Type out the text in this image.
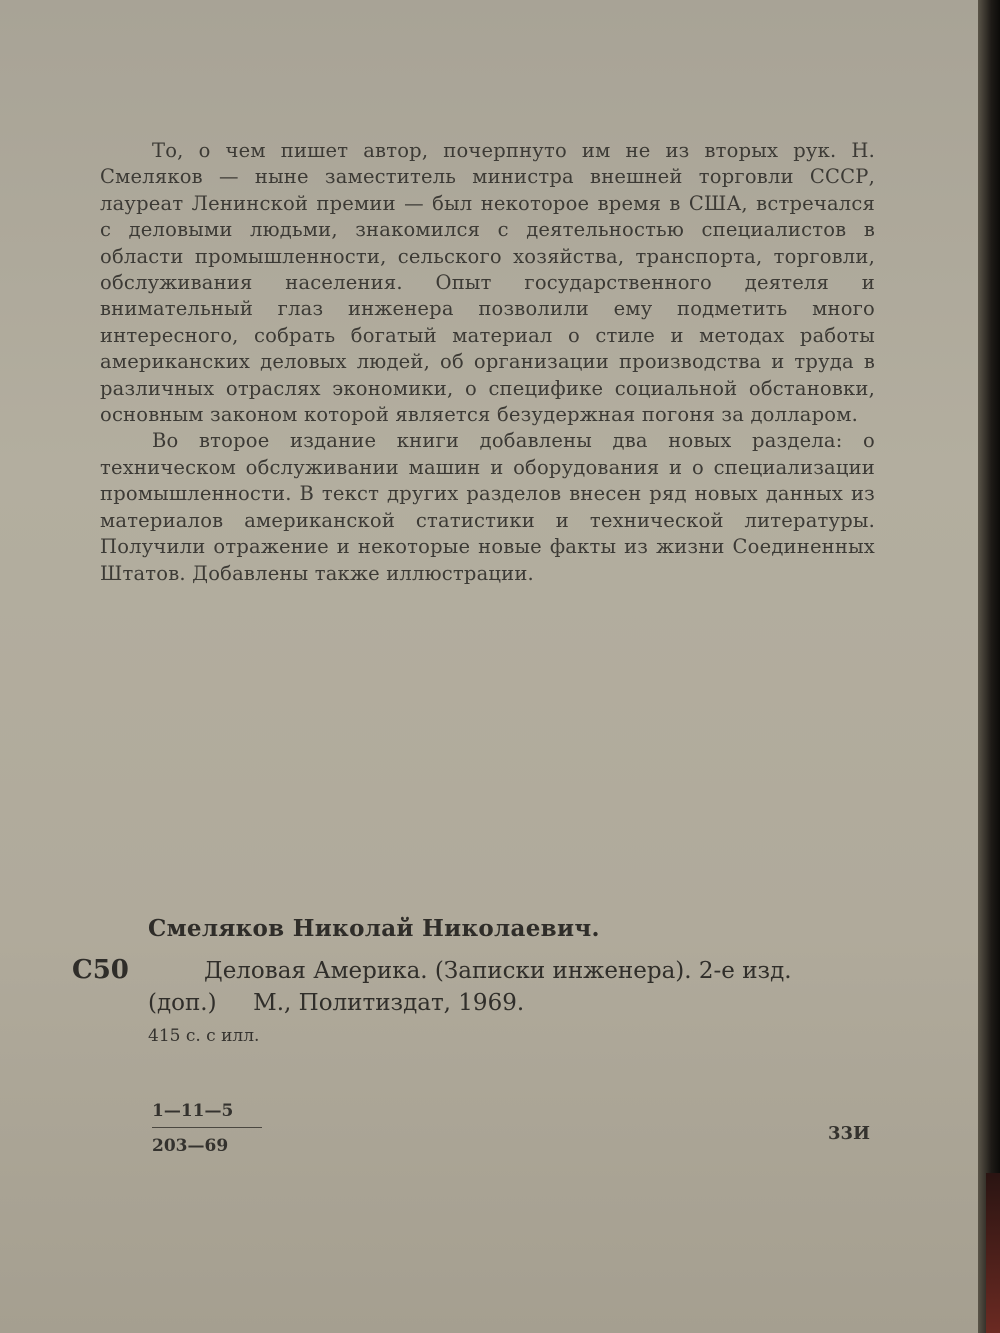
То, о чем пишет автор, почерпнуто им не из вторых рук. Н. Смеляков — ныне заместитель министра внешней торговли СССР, лауреат Ленинской премии — был некоторое время в США, встречался с деловыми людьми, знакомился с деятельностью специалистов в области промышленности, сельского хозяйства, транспорта, торговли, обслуживания населения. Опыт государственного деятеля и внимательный глаз инженера позволили ему подметить много интересного, собрать богатый материал о стиле и методах работы американских деловых людей, об организации производства и труда в различных отраслях экономики, о специфике социальной обстановки, основным законом которой является безудержная погоня за долларом.

Во второе издание книги добавлены два новых раздела: о техническом обслуживании машин и оборудования и о специализации промышленности. В текст других разделов внесен ряд новых данных из материалов американской статистики и технической литературы. Получили отражение и некоторые новые факты из жизни Соединенных Штатов. Добавлены также иллюстрации.

Смеляков Николай Николаевич.
С50	Деловая Америка. (Записки инженера). 2-е изд.
(доп.)     М., Политиздат, 1969.
415 с. с илл.
$\frac{1—11—5}{203—69}$	33И
